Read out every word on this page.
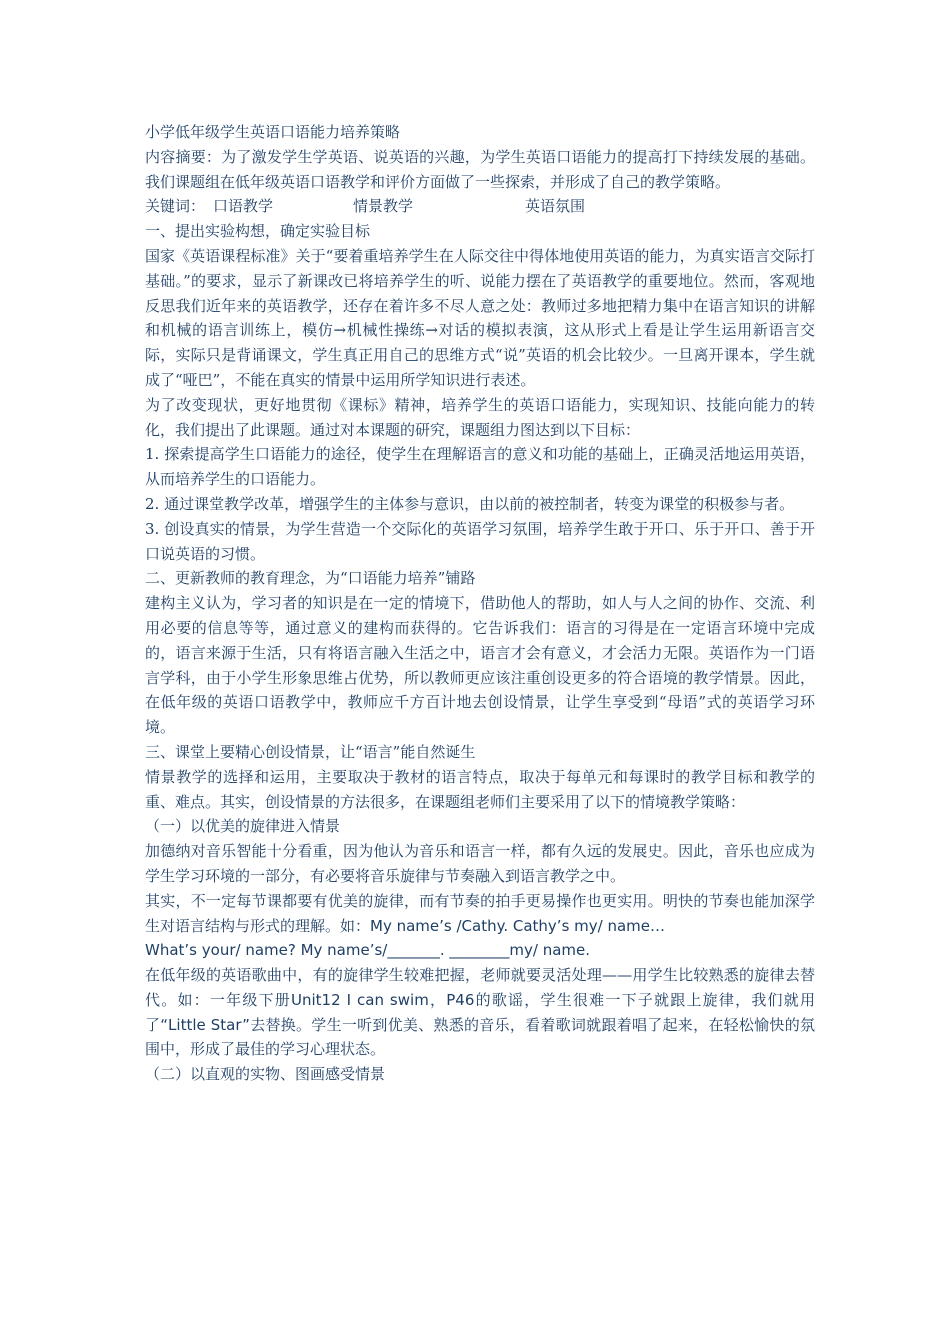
小学低年级学生英语口语能力培养策略
内容摘要：为了激发学生学英语、说英语的兴趣，为学生英语口语能力的提高打下持续发展的基础。我们课题组在低年级英语口语教学和评价方面做了一些探索，并形成了自己的教学策略。
关键词： 口语教学	情景教学	英语氛围
一、提出实验构想，确定实验目标
国家《英语课程标准》关于“要着重培养学生在人际交往中得体地使用英语的能力，为真实语言交际打基础。”的要求，显示了新课改已将培养学生的听、说能力摆在了英语教学的重要地位。然而，客观地反思我们近年来的英语教学，还存在着许多不尽人意之处：教师过多地把精力集中在语言知识的讲解和机械的语言训练上，模仿→机械性操练→对话的模拟表演，这从形式上看是让学生运用新语言交际，实际只是背诵课文，学生真正用自己的思维方式“说”英语的机会比较少。一旦离开课本，学生就成了“哑巴”，不能在真实的情景中运用所学知识进行表述。
为了改变现状，更好地贯彻《课标》精神，培养学生的英语口语能力，实现知识、技能向能力的转化，我们提出了此课题。通过对本课题的研究，课题组力图达到以下目标：
1. 探索提高学生口语能力的途径，使学生在理解语言的意义和功能的基础上，正确灵活地运用英语，从而培养学生的口语能力。
2. 通过课堂教学改革，增强学生的主体参与意识，由以前的被控制者，转变为课堂的积极参与者。
3. 创设真实的情景，为学生营造一个交际化的英语学习氛围，培养学生敢于开口、乐于开口、善于开口说英语的习惯。
二、更新教师的教育理念，为“口语能力培养”铺路
建构主义认为，学习者的知识是在一定的情境下，借助他人的帮助，如人与人之间的协作、交流、利用必要的信息等等，通过意义的建构而获得的。它告诉我们：语言的习得是在一定语言环境中完成的，语言来源于生活，只有将语言融入生活之中，语言才会有意义，才会活力无限。英语作为一门语言学科，由于小学生形象思维占优势，所以教师更应该注重创设更多的符合语境的教学情景。因此，在低年级的英语口语教学中，教师应千方百计地去创设情景，让学生享受到“母语”式的英语学习环境。
三、课堂上要精心创设情景，让“语言”能自然诞生
情景教学的选择和运用，主要取决于教材的语言特点，取决于每单元和每课时的教学目标和教学的重、难点。其实，创设情景的方法很多，在课题组老师们主要采用了以下的情境教学策略：
（一）以优美的旋律进入情景
加德纳对音乐智能十分看重，因为他认为音乐和语言一样，都有久远的发展史。因此，音乐也应成为学生学习环境的一部分，有必要将音乐旋律与节奏融入到语言教学之中。
其实，不一定每节课都要有优美的旋律，而有节奏的拍手更易操作也更实用。明快的节奏也能加深学生对语言结构与形式的理解。如：My name’s /Cathy. Cathy’s my/ name…
What’s your/ name? My name’s/_______. ________my/ name.
在低年级的英语歌曲中，有的旋律学生较难把握，老师就要灵活处理——用学生比较熟悉的旋律去替代。如：一年级下册Unit12 I can swim，P46的歌谣，学生很难一下子就跟上旋律，我们就用了“Little Star”去替换。学生一听到优美、熟悉的音乐，看着歌词就跟着唱了起来，在轻松愉快的氛围中，形成了最佳的学习心理状态。
（二）以直观的实物、图画感受情景
